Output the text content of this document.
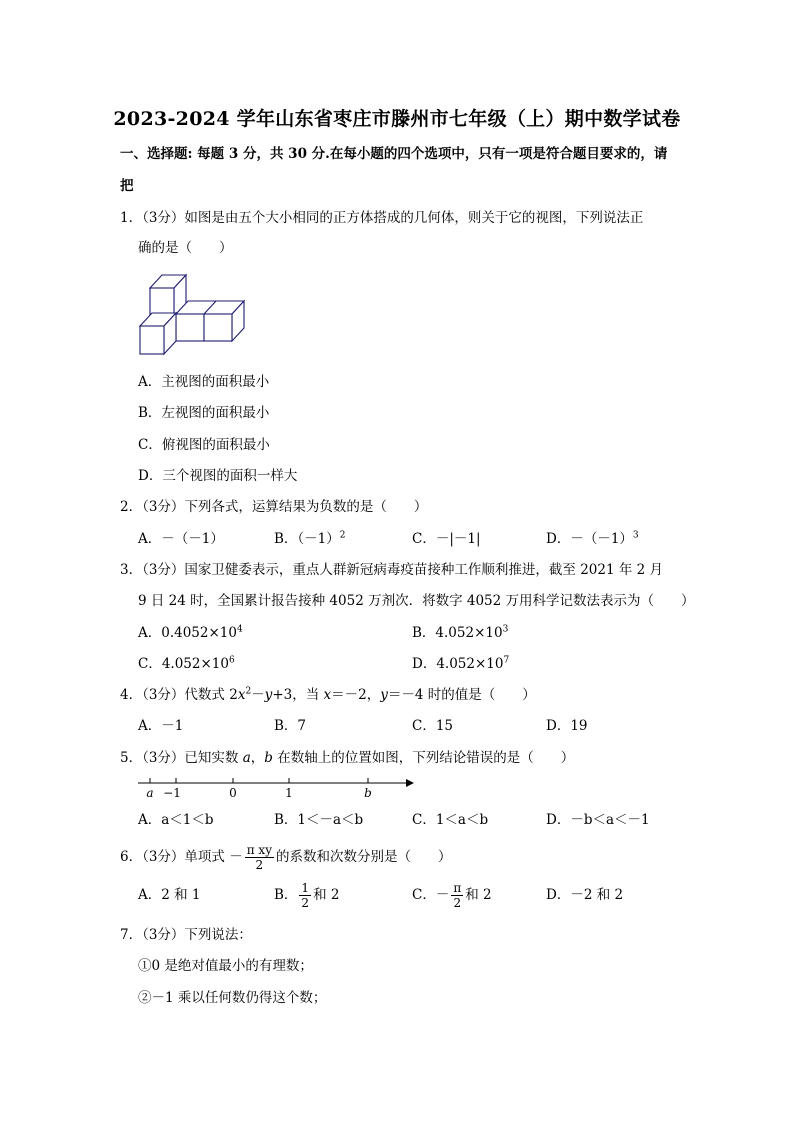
2023-2024 学年山东省枣庄市滕州市七年级（上）期中数学试卷
一、选择题: 每题 3 分，共 30 分.在每小题的四个选项中，只有一项是符合题目要求的，请
把
1．（3分）如图是由五个大小相同的正方体搭成的几何体，则关于它的视图，下列说法正
确的是（　　）
A．主视图的面积最小
B．左视图的面积最小
C．俯视图的面积最小
D．三个视图的面积一样大
2．（3分）下列各式，运算结果为负数的是（　　）
A．－（－1）	B．$(-1)^2$	C．－|－1|	D．$-(-1)^3$
3．（3分）国家卫健委表示，重点人群新冠病毒疫苗接种工作顺利推进，截至 2021 年 2 月
9 日 24 时，全国累计报告接种 4052 万剂次．将数字 4052 万用科学记数法表示为（　　）
A．$0.4052\times 10^4$	B．$4.052\times 10^3$
C．$4.052\times 10^6$	D．$4.052\times 10^7$
4．（3分）代数式 $2x^2-y+3$，当 x＝－2，y＝－4 时的值是（　　）
A．－1	B．7	C．15	D．19
5．（3分）已知实数 a，b 在数轴上的位置如图，下列结论错误的是（　　）
a −1	0	1	b
A．a＜1＜b	B．1＜－a＜b	C．1＜a＜b	D．－b＜a＜－1
6．（3分）单项式 － $\frac{\text{π xy}}{2}$ 的系数和次数分别是（　　）
A．2 和 1	B． $\frac{1}{2}$ 和 2	C．－ $\frac{\pi}{2}$ 和 2	D．－2 和 2
7．（3分）下列说法：
①0 是绝对值最小的有理数；
②－1 乘以任何数仍得这个数；
